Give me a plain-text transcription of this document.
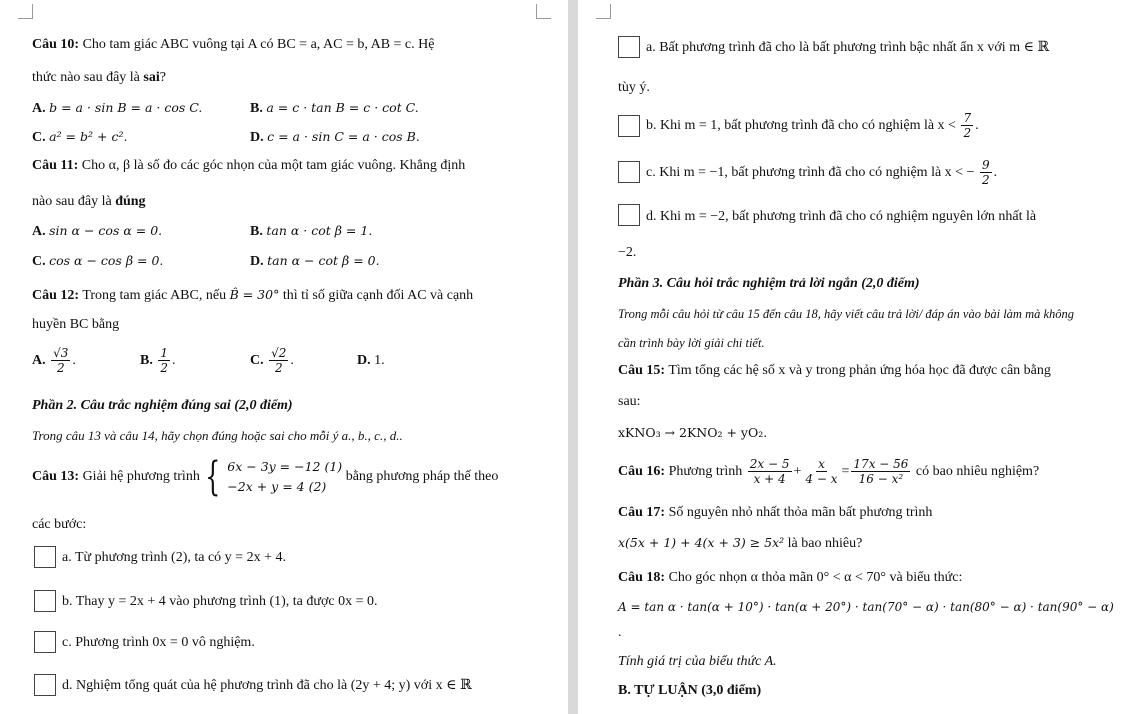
Câu 10: Cho tam giác ABC vuông tại A có BC = a, AC = b, AB = c. Hệ
thức nào sau đây là sai?
A. b = a · sin B = a · cos C.	B. a = c · tan B = c · cot C.
C. a² = b² + c².	D. c = a · sin C = a · cos B.
Câu 11: Cho α, β là số đo các góc nhọn của một tam giác vuông. Khẳng định
nào sau đây là đúng
A. sin α − cos α = 0.	B. tan α · cot β = 1.
C. cos α − cos β = 0.	D. tan α − cot β = 0.
Câu 12: Trong tam giác ABC, nếu B̂ = 30° thì tỉ số giữa cạnh đối AC và cạnh
huyền BC bằng
A. $\frac{√3}{2}$ .	B. $\frac{1}{2}$ .	C. $\frac{√2}{2}$ .	D. 1.
Phần 2. Câu trắc nghiệm đúng sai (2,0 điểm)
Trong câu 13 và câu 14, hãy chọn đúng hoặc sai cho mỗi ý a., b., c., d..
Câu 13:
Giải hệ phương trình { 6x − 3y = −12 (1)
−2x + y = 4 (2)

bằng phương pháp thế theo
các bước:
a. Từ phương trình (2), ta có y = 2x + 4.
b. Thay y = 2x + 4 vào phương trình (1), ta được 0x = 0.
c. Phương trình 0x = 0 vô nghiệm.
d. Nghiệm tổng quát của hệ phương trình đã cho là (2y + 4; y) với x ∈ ℝ
a. Bất phương trình đã cho là bất phương trình bậc nhất ẩn x với m ∈ ℝ
tùy ý.
b. Khi m = 1, bất phương trình đã cho có nghiệm là $x < \frac{7}{2}$ .
c. Khi m = −1, bất phương trình đã cho có nghiệm là x < − $\frac{9}{2}$ .
d. Khi m = −2, bất phương trình đã cho có nghiệm nguyên lớn nhất là
−2.
Phần 3. Câu hỏi trắc nghiệm trả lời ngắn (2,0 điểm)
Trong mỗi câu hỏi từ câu 15 đến câu 18, hãy viết câu trả lời/ đáp án vào bài làm mà không
cần trình bày lời giải chi tiết.
Câu 15: Tìm tổng các hệ số x và y trong phản ứng hóa học đã được cân bằng
sau:
xKNO₃ → 2KNO₂ + yO₂.
Câu 16: Phương trình $\frac{2x - 5}{x + 4} + \frac{x}{4 - x} = \frac{17x - 56}{\text{16 − x²}}$ có bao nhiêu nghiệm?
Câu 17: Số nguyên nhỏ nhất thỏa mãn bất phương trình
x(5x + 1) + 4(x + 3) ≥ 5x² là bao nhiêu?
Câu 18: Cho góc nhọn α thỏa mãn 0° < α < 70° và biểu thức:
A = tan α · tan(α + 10°) · tan(α + 20°) · tan(70° − α) · tan(80° − α) · tan(90° − α)
.
Tính giá trị của biểu thức A.
B. TỰ LUẬN (3,0 điểm)
